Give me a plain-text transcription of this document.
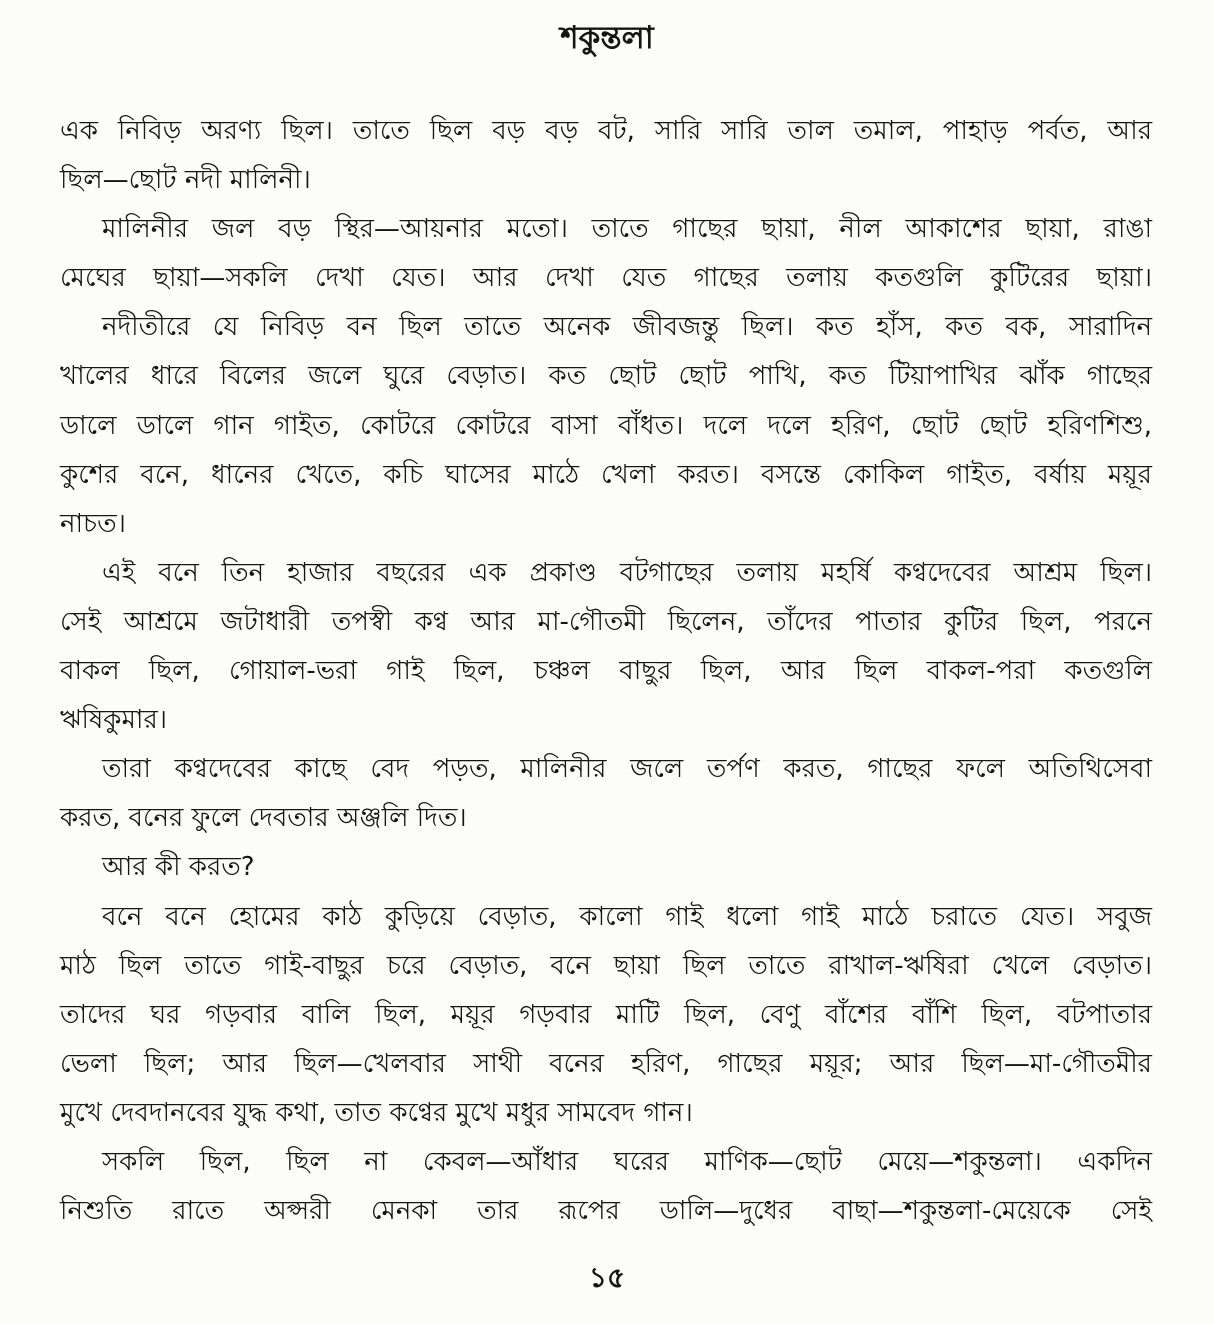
শকুন্তলা
এক নিবিড় অরণ্য ছিল। তাতে ছিল বড় বড় বট, সারি সারি তাল তমাল, পাহাড় পর্বত, আর
ছিল—ছোট নদী মালিনী।
মালিনীর জল বড় স্থির—আয়নার মতো। তাতে গাছের ছায়া, নীল আকাশের ছায়া, রাঙা
মেঘের ছায়া—সকলি দেখা যেত। আর দেখা যেত গাছের তলায় কতগুলি কুটিরের ছায়া।
নদীতীরে যে নিবিড় বন ছিল তাতে অনেক জীবজন্তু ছিল। কত হাঁস, কত বক, সারাদিন
খালের ধারে বিলের জলে ঘুরে বেড়াত। কত ছোট ছোট পাখি, কত টিয়াপাখির ঝাঁক গাছের
ডালে ডালে গান গাইত, কোটরে কোটরে বাসা বাঁধত। দলে দলে হরিণ, ছোট ছোট হরিণশিশু,
কুশের বনে, ধানের খেতে, কচি ঘাসের মাঠে খেলা করত। বসন্তে কোকিল গাইত, বর্ষায় ময়ূর
নাচত।
এই বনে তিন হাজার বছরের এক প্রকাণ্ড বটগাছের তলায় মহর্ষি কণ্বদেবের আশ্রম ছিল।
সেই আশ্রমে জটাধারী তপস্বী কণ্ব আর মা-গৌতমী ছিলেন, তাঁদের পাতার কুটির ছিল, পরনে
বাকল ছিল, গোয়াল-ভরা গাই ছিল, চঞ্চল বাছুর ছিল, আর ছিল বাকল-পরা কতগুলি
ঋষিকুমার।
তারা কণ্বদেবের কাছে বেদ পড়ত, মালিনীর জলে তর্পণ করত, গাছের ফলে অতিথিসেবা
করত, বনের ফুলে দেবতার অঞ্জলি দিত।
আর কী করত?
বনে বনে হোমের কাঠ কুড়িয়ে বেড়াত, কালো গাই ধলো গাই মাঠে চরাতে যেত। সবুজ
মাঠ ছিল তাতে গাই-বাছুর চরে বেড়াত, বনে ছায়া ছিল তাতে রাখাল-ঋষিরা খেলে বেড়াত।
তাদের ঘর গড়বার বালি ছিল, ময়ূর গড়বার মাটি ছিল, বেণু বাঁশের বাঁশি ছিল, বটপাতার
ভেলা ছিল; আর ছিল—খেলবার সাথী বনের হরিণ, গাছের ময়ূর; আর ছিল—মা-গৌতমীর
মুখে দেবদানবের যুদ্ধ কথা, তাত কণ্বের মুখে মধুর সামবেদ গান।
সকলি ছিল, ছিল না কেবল—আঁধার ঘরের মাণিক—ছোট মেয়ে—শকুন্তলা। একদিন
নিশুতি রাতে অপ্সরী মেনকা তার রূপের ডালি—দুধের বাছা—শকুন্তলা-মেয়েকে সেই
১৫
